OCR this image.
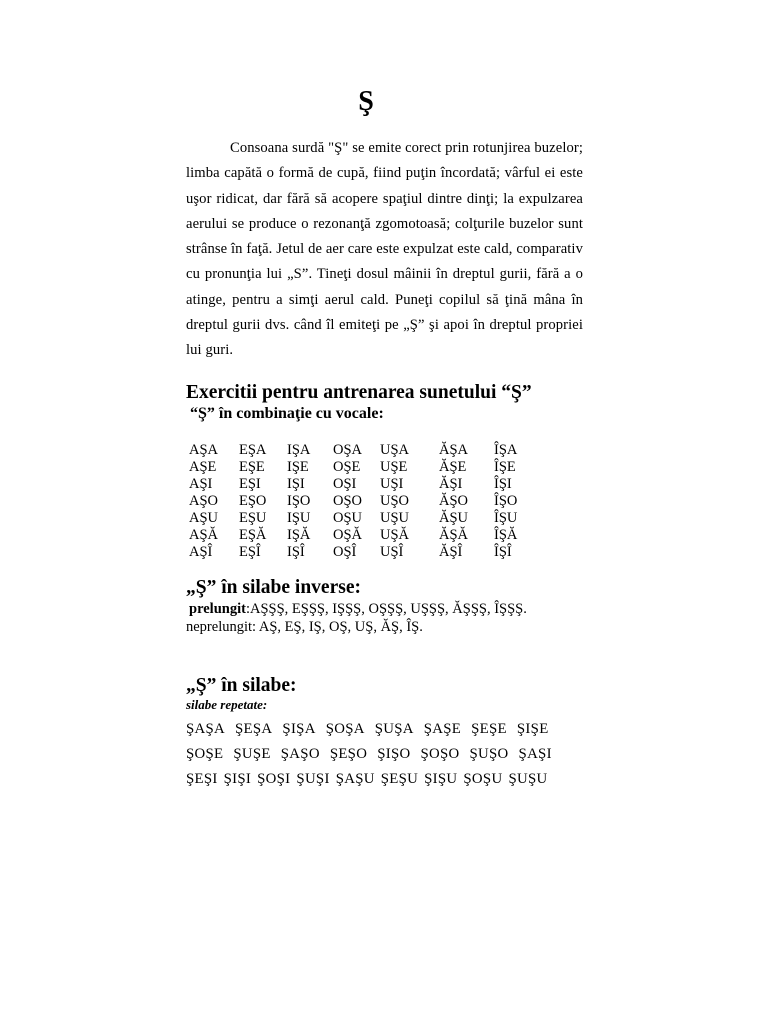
Ş
Consoana surdă "Ş" se emite corect prin rotunjirea buzelor; limba capătă o formă de cupă, fiind puţin încordată; vârful ei este uşor ridicat, dar fără să acopere spaţiul dintre dinţi; la expulzarea aerului se produce o rezonanţă zgomotoasă; colţurile buzelor sunt strânse în faţă. Jetul de aer care este expulzat este cald, comparativ cu pronunţia lui „S”. Tineţi dosul mâinii în dreptul gurii, fără a o atinge, pentru a simţi aerul cald. Puneţi copilul să ţină mâna în dreptul gurii dvs. când îl emiteţi pe „Ş” şi apoi în dreptul propriei lui guri.
Exercitii pentru antrenarea sunetului “Ş”
“Ş” în combinaţie cu vocale:
AŞA	EŞA	IŞA	OŞA	UŞA	ĂŞA	ÎŞA
AŞE	EŞE	IŞE	OŞE	UŞE	ĂŞE	ÎŞE
AŞI	EŞI	IŞI	OŞI	UŞI	ĂŞI	ÎŞI
AŞO	EŞO	IŞO	OŞO	UŞO	ĂŞO	ÎŞO
AŞU	EŞU	IŞU	OŞU	UŞU	ĂŞU	ÎŞU
AŞĂ	EŞĂ	IŞĂ	OŞĂ	UŞĂ	ĂŞĂ	ÎŞĂ
AŞÎ	EŞÎ	IŞÎ	OŞÎ	UŞÎ	ĂŞÎ	ÎŞÎ
„Ş” în silabe inverse:
prelungit:AŞŞŞ, EŞŞŞ, IŞŞŞ, OŞŞŞ, UŞŞŞ, ĂŞŞŞ, ÎŞŞŞ.
neprelungit: AŞ, EŞ, IŞ, OŞ, UŞ, ĂŞ, ÎŞ.
„Ş” în silabe:
silabe repetate:
ŞAŞA ŞEŞA ŞIŞA ŞOŞA ŞUŞA ŞAŞE ŞEŞE ŞIŞE
ŞOŞE ŞUŞE ŞAŞO ŞEŞO ŞIŞO ŞOŞO ŞUŞO ŞAŞI
ŞEŞI ŞIŞI ŞOŞI ŞUŞI ŞAŞU ŞEŞU ŞIŞU ŞOŞU ŞUŞU
